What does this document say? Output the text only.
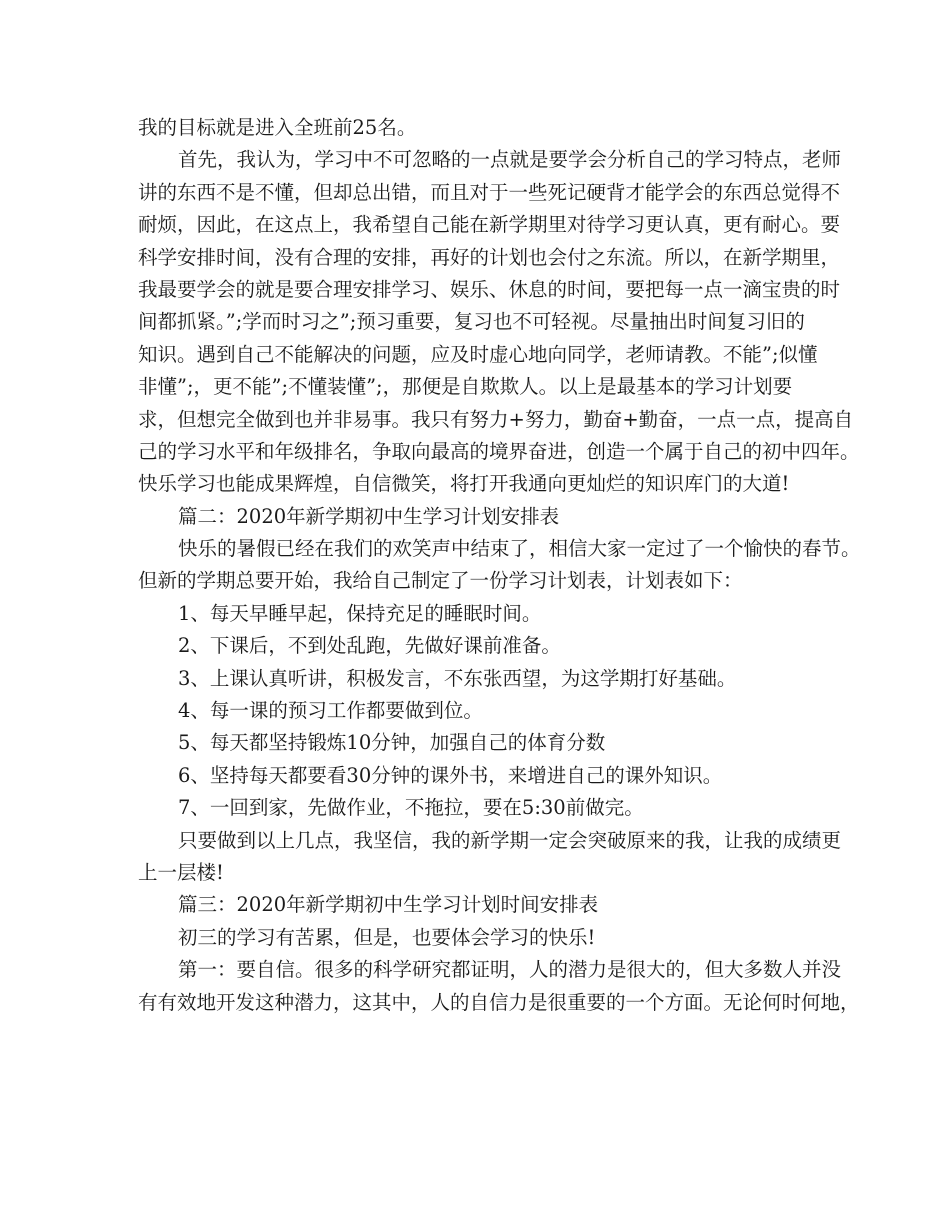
我的目标就是进入全班前25名。
首先，我认为，学习中不可忽略的一点就是要学会分析自己的学习特点，老师
讲的东西不是不懂，但却总出错，而且对于一些死记硬背才能学会的东西总觉得不
耐烦，因此，在这点上，我希望自己能在新学期里对待学习更认真，更有耐心。要
科学安排时间，没有合理的安排，再好的计划也会付之东流。所以，在新学期里，
我最要学会的就是要合理安排学习、娱乐、休息的时间，要把每一点一滴宝贵的时
间都抓紧。”;学而时习之”;预习重要，复习也不可轻视。尽量抽出时间复习旧的
知识。遇到自己不能解决的问题，应及时虚心地向同学，老师请教。不能”;似懂
非懂”;，更不能”;不懂装懂”;，那便是自欺欺人。以上是最基本的学习计划要
求，但想完全做到也并非易事。我只有努力+努力，勤奋+勤奋，一点一点，提高自
己的学习水平和年级排名，争取向最高的境界奋进，创造一个属于自己的初中四年。
快乐学习也能成果辉煌，自信微笑，将打开我通向更灿烂的知识库门的大道!
篇二：2020年新学期初中生学习计划安排表
快乐的暑假已经在我们的欢笑声中结束了，相信大家一定过了一个愉快的春节。
但新的学期总要开始，我给自己制定了一份学习计划表，计划表如下：
1、每天早睡早起，保持充足的睡眠时间。
2、下课后，不到处乱跑，先做好课前准备。
3、上课认真听讲，积极发言，不东张西望，为这学期打好基础。
4、每一课的预习工作都要做到位。
5、每天都坚持锻炼10分钟，加强自己的体育分数
6、坚持每天都要看30分钟的课外书，来增进自己的课外知识。
7、一回到家，先做作业，不拖拉，要在5:30前做完。
只要做到以上几点，我坚信，我的新学期一定会突破原来的我，让我的成绩更
上一层楼!
篇三：2020年新学期初中生学习计划时间安排表
初三的学习有苦累，但是，也要体会学习的快乐!
第一：要自信。很多的科学研究都证明，人的潜力是很大的，但大多数人并没
有有效地开发这种潜力，这其中，人的自信力是很重要的一个方面。无论何时何地，
